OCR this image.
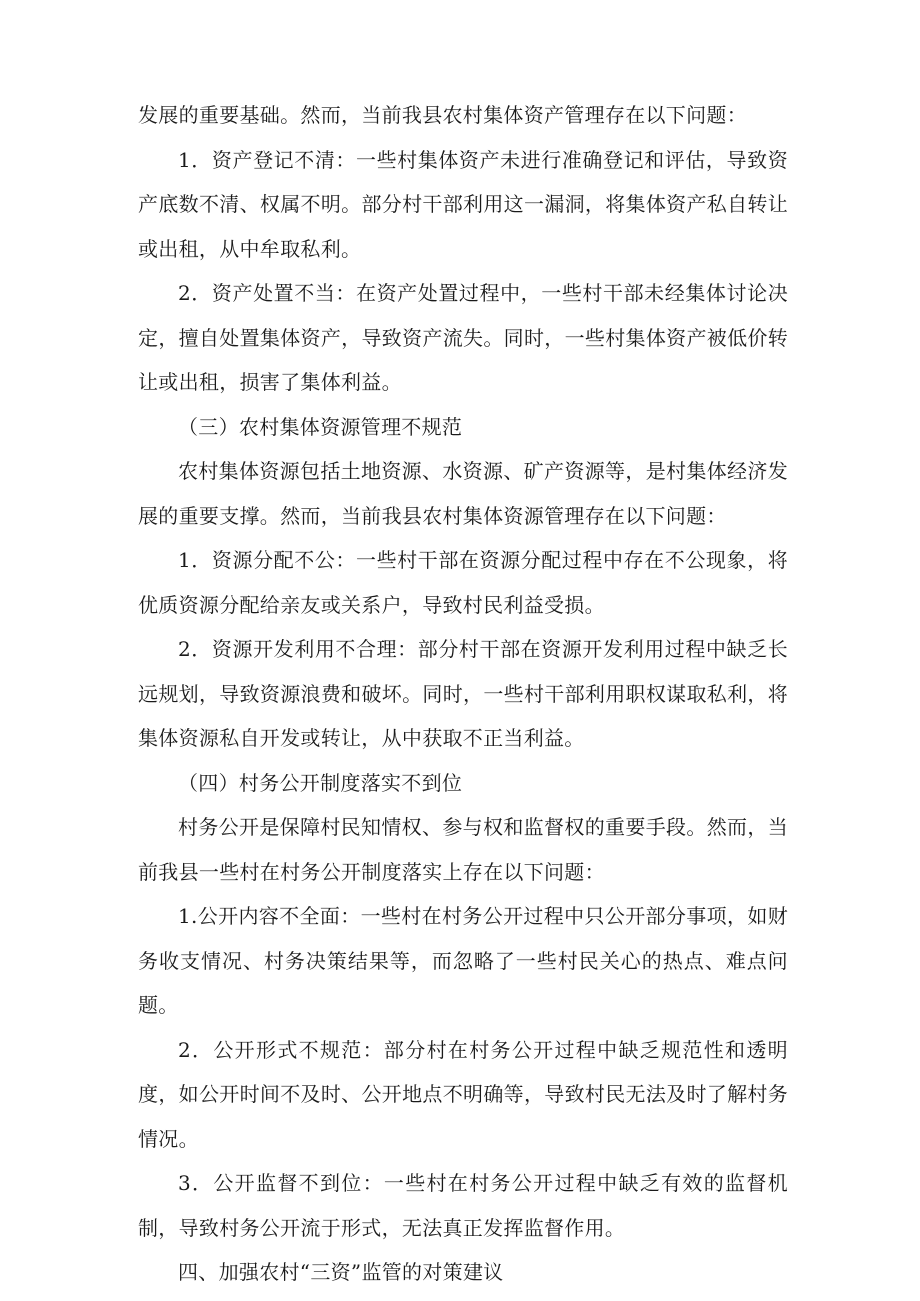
发展的重要基础。然而，当前我县农村集体资产管理存在以下问题：

1．资产登记不清：一些村集体资产未进行准确登记和评估，导致资产底数不清、权属不明。部分村干部利用这一漏洞，将集体资产私自转让或出租，从中牟取私利。

2．资产处置不当：在资产处置过程中，一些村干部未经集体讨论决定，擅自处置集体资产，导致资产流失。同时，一些村集体资产被低价转让或出租，损害了集体利益。

（三）农村集体资源管理不规范

农村集体资源包括土地资源、水资源、矿产资源等，是村集体经济发展的重要支撑。然而，当前我县农村集体资源管理存在以下问题：

1．资源分配不公：一些村干部在资源分配过程中存在不公现象，将优质资源分配给亲友或关系户，导致村民利益受损。

2．资源开发利用不合理：部分村干部在资源开发利用过程中缺乏长远规划，导致资源浪费和破坏。同时，一些村干部利用职权谋取私利，将集体资源私自开发或转让，从中获取不正当利益。

（四）村务公开制度落实不到位

村务公开是保障村民知情权、参与权和监督权的重要手段。然而，当前我县一些村在村务公开制度落实上存在以下问题：

1.公开内容不全面：一些村在村务公开过程中只公开部分事项，如财务收支情况、村务决策结果等，而忽略了一些村民关心的热点、难点问题。

2．公开形式不规范：部分村在村务公开过程中缺乏规范性和透明度，如公开时间不及时、公开地点不明确等，导致村民无法及时了解村务情况。

3．公开监督不到位：一些村在村务公开过程中缺乏有效的监督机制，导致村务公开流于形式，无法真正发挥监督作用。

四、加强农村“三资”监管的对策建议
